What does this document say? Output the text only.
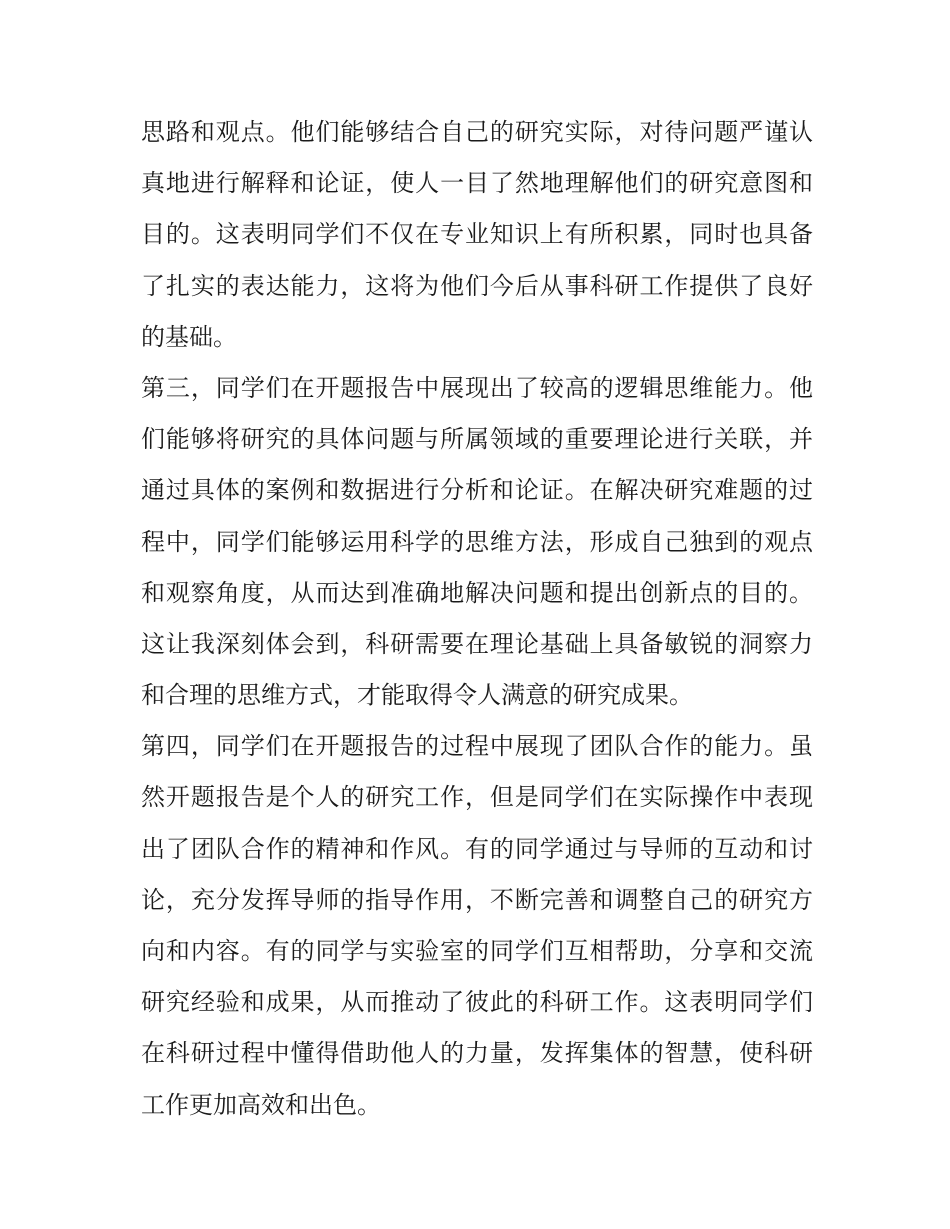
思路和观点。他们能够结合自己的研究实际，对待问题严谨认
真地进行解释和论证，使人一目了然地理解他们的研究意图和
目的。这表明同学们不仅在专业知识上有所积累，同时也具备
了扎实的表达能力，这将为他们今后从事科研工作提供了良好
的基础。
第三，同学们在开题报告中展现出了较高的逻辑思维能力。他
们能够将研究的具体问题与所属领域的重要理论进行关联，并
通过具体的案例和数据进行分析和论证。在解决研究难题的过
程中，同学们能够运用科学的思维方法，形成自己独到的观点
和观察角度，从而达到准确地解决问题和提出创新点的目的。
这让我深刻体会到，科研需要在理论基础上具备敏锐的洞察力
和合理的思维方式，才能取得令人满意的研究成果。
第四，同学们在开题报告的过程中展现了团队合作的能力。虽
然开题报告是个人的研究工作，但是同学们在实际操作中表现
出了团队合作的精神和作风。有的同学通过与导师的互动和讨
论，充分发挥导师的指导作用，不断完善和调整自己的研究方
向和内容。有的同学与实验室的同学们互相帮助，分享和交流
研究经验和成果，从而推动了彼此的科研工作。这表明同学们
在科研过程中懂得借助他人的力量，发挥集体的智慧，使科研
工作更加高效和出色。
